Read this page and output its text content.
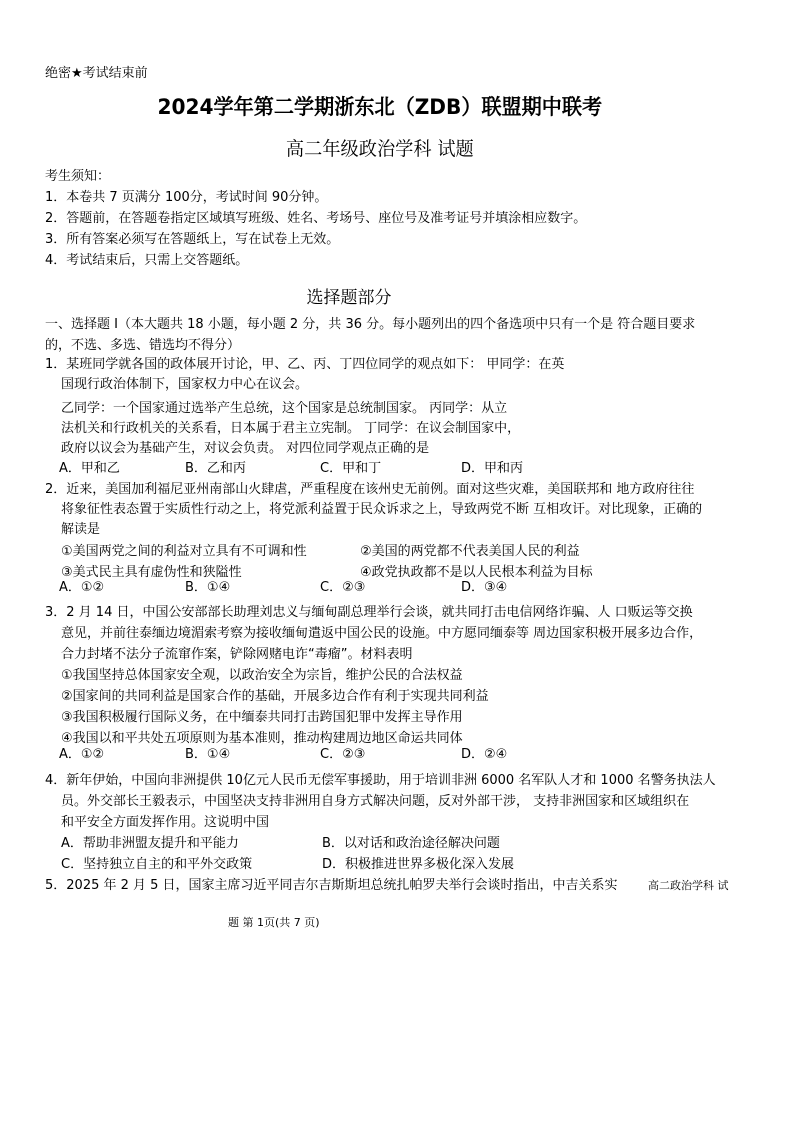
绝密★考试结束前
2024学年第二学期浙东北（ZDB）联盟期中联考
高二年级政治学科 试题
考生须知：
1．本卷共 7 页满分 100分，考试时间 90分钟。
2．答题前，在答题卷指定区域填写班级、姓名、考场号、座位号及准考证号并填涂相应数字。
3．所有答案必须写在答题纸上，写在试卷上无效。
4．考试结束后，只需上交答题纸。
选择题部分
一、选择题 I（本大题共 18 小题，每小题 2 分，共 36 分。每小题列出的四个备选项中只有一个是 符合题目要求
的，不选、多选、错选均不得分）
1．某班同学就各国的政体展开讨论，甲、乙、丙、丁四位同学的观点如下： 甲同学：在英
国现行政治体制下，国家权力中心在议会。
乙同学：一个国家通过选举产生总统，这个国家是总统制国家。 丙同学：从立
法机关和行政机关的关系看，日本属于君主立宪制。 丁同学：在议会制国家中，
政府以议会为基础产生，对议会负责。 对四位同学观点正确的是
A．甲和乙	B．乙和丙	C．甲和丁	D．甲和丙
2．近来，美国加利福尼亚州南部山火肆虐，严重程度在该州史无前例。面对这些灾难，美国联邦和 地方政府往往
将象征性表态置于实质性行动之上，将党派利益置于民众诉求之上，导致两党不断 互相攻讦。对比现象，正确的
解读是
①美国两党之间的利益对立具有不可调和性	②美国的两党都不代表美国人民的利益
③美式民主具有虚伪性和狭隘性	④政党执政都不是以人民根本利益为目标
A．①②	B．①④	C．②③	D．③④
3．2 月 14 日，中国公安部部长助理刘忠义与缅甸副总理举行会谈，就共同打击电信网络诈骗、人 口贩运等交换
意见，并前往泰缅边境湄索考察为接收缅甸遣返中国公民的设施。中方愿同缅泰等 周边国家积极开展多边合作，
合力封堵不法分子流窜作案，铲除网赌电诈“毒瘤”。材料表明
①我国坚持总体国家安全观，以政治安全为宗旨，维护公民的合法权益
②国家间的共同利益是国家合作的基础，开展多边合作有利于实现共同利益
③我国积极履行国际义务，在中缅泰共同打击跨国犯罪中发挥主导作用
④我国以和平共处五项原则为基本准则，推动构建周边地区命运共同体
A．①②	B．①④	C．②③	D．②④
4．新年伊始，中国向非洲提供 10亿元人民币无偿军事援助，用于培训非洲 6000 名军队人才和 1000 名警务执法人
员。外交部长王毅表示，中国坚决支持非洲用自身方式解决问题，反对外部干涉， 支持非洲国家和区域组织在
和平安全方面发挥作用。这说明中国
A．帮助非洲盟友提升和平能力	B．以对话和政治途径解决问题
C．坚持独立自主的和平外交政策	D．积极推进世界多极化深入发展
5．2025 年 2 月 5 日，国家主席习近平同吉尔吉斯斯坦总统扎帕罗夫举行会谈时指出，中吉关系实	高二政治学科 试
题 第 1页(共 7 页)
